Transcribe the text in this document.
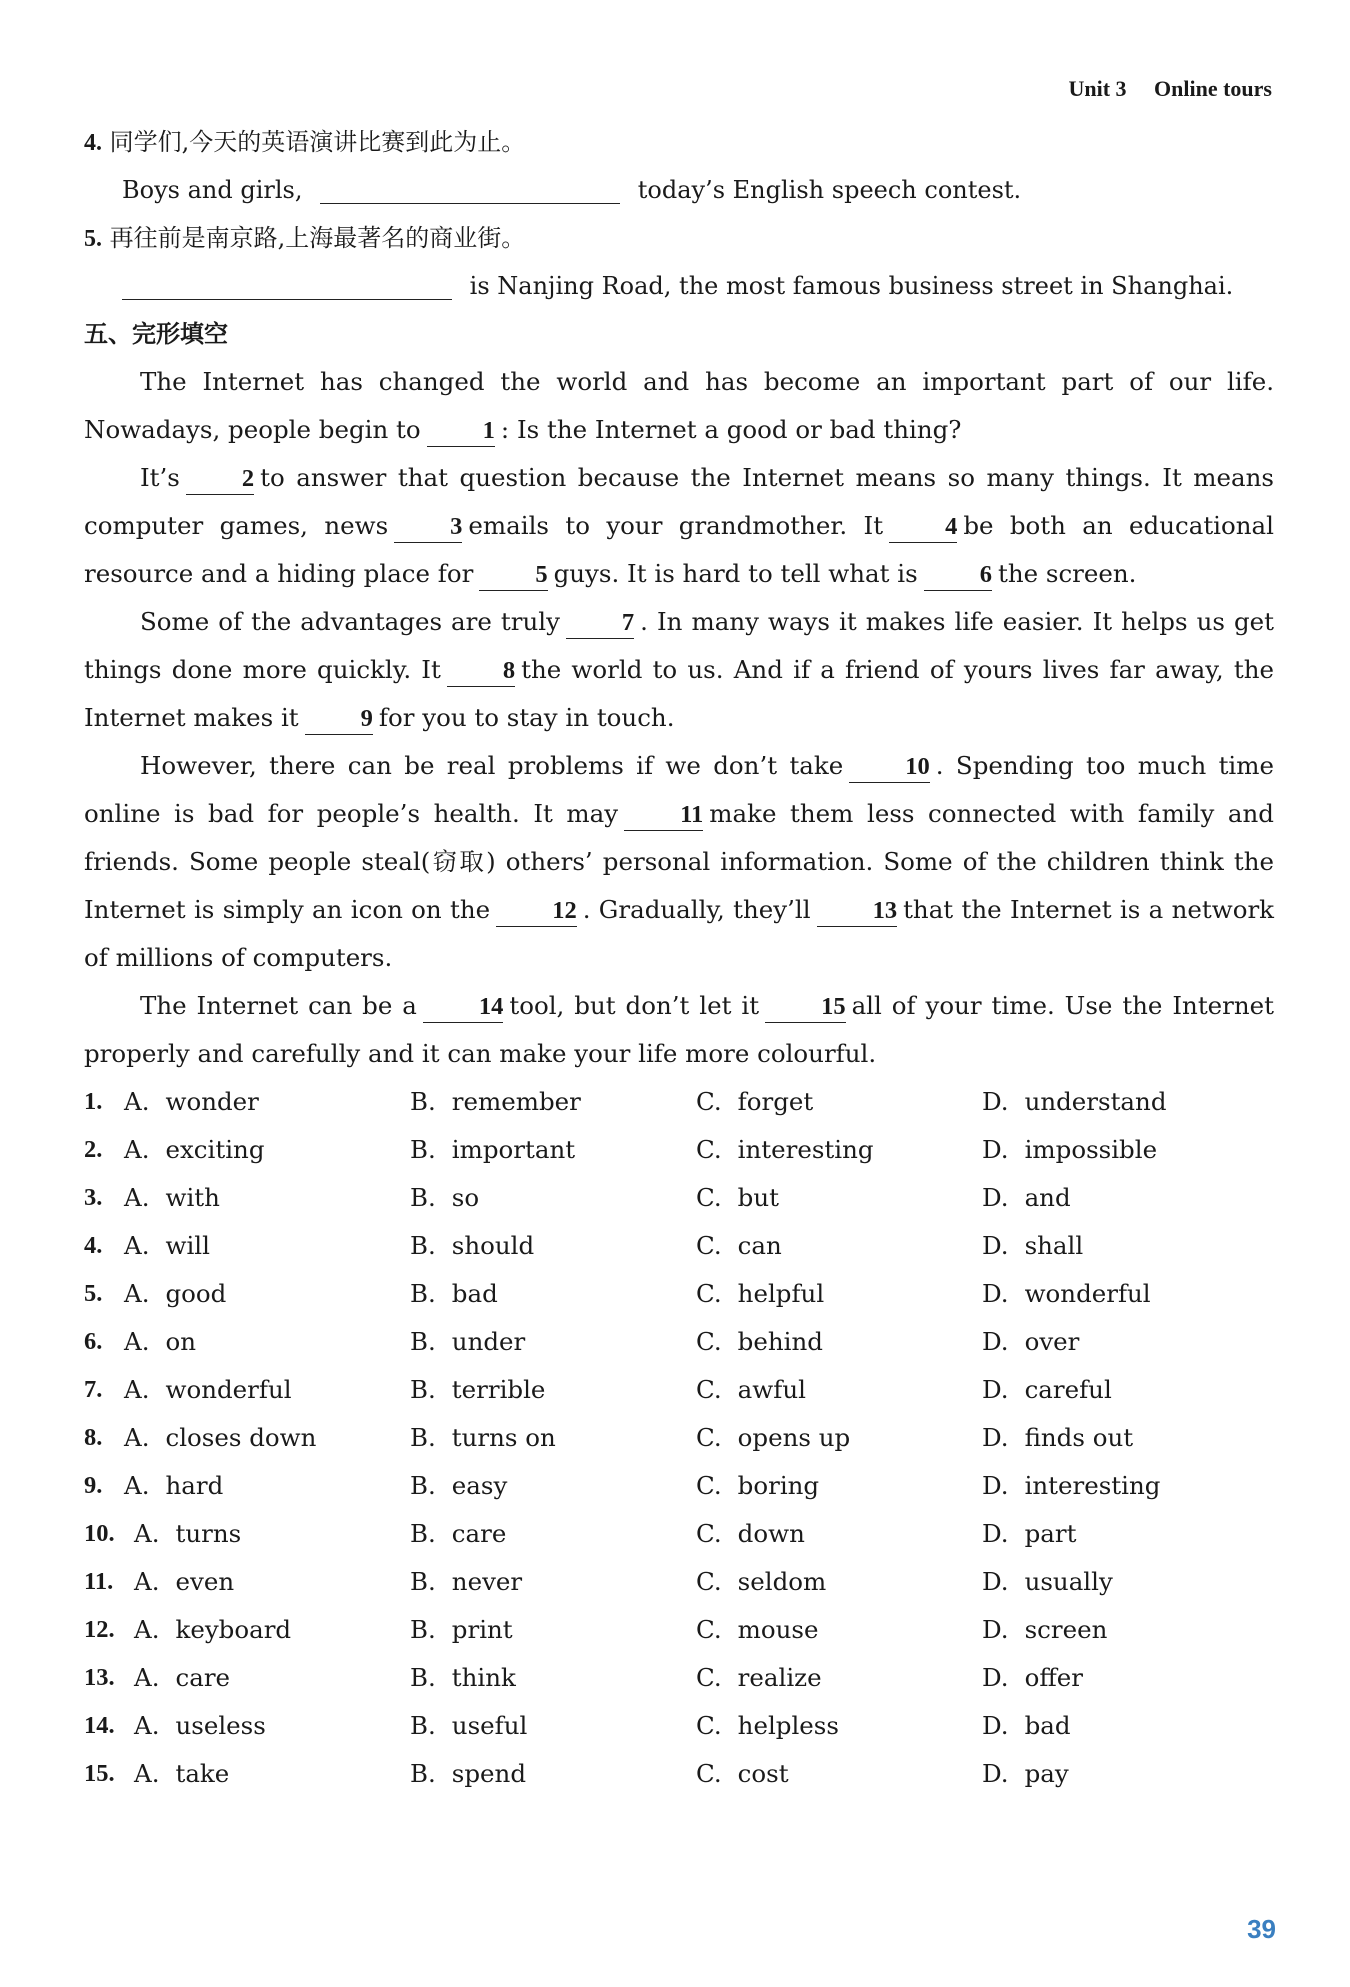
Unit 3 Online tours
4. 同学们,今天的英语演讲比赛到此为止。
Boys and girls,	today’s English speech contest.
5. 再往前是南京路,上海最著名的商业街。
is Nanjing Road, the most famous business street in Shanghai.
五、完形填空

The Internet has changed the world and has become an important part of our life. Nowadays, people begin to	1 : Is the Internet a good or bad thing?

It’s	2 to answer that question because the Internet means so many things. It means computer games, news	3 emails to your grandmother. It	4 be both an educational resource and a hiding place for	5 guys. It is hard to tell what is	6 the screen.

Some of the advantages are truly	7 . In many ways it makes life easier. It helps us get things done more quickly. It	8 the world to us. And if a friend of yours lives far away, the Internet makes it	9 for you to stay in touch.

However, there can be real problems if we don’t take	10 . Spending too much time online is bad for people’s health. It may	11 make them less connected with family and friends. Some people steal(窃取) others’ personal information. Some of the children think the Internet is simply an icon on the	12 . Gradually, they’ll	13 that the Internet is a network of millions of computers.

The Internet can be a	14 tool, but don’t let it	15 all of your time. Use the Internet properly and carefully and it can make your life more colourful.

1. A. wonder	B. remember	C. forget	D. understand
2. A. exciting	B. important	C. interesting	D. impossible
3. A. with	B. so	C. but	D. and
4. A. will	B. should	C. can	D. shall
5. A. good	B. bad	C. helpful	D. wonderful
6. A. on	B. under	C. behind	D. over
7. A. wonderful	B. terrible	C. awful	D. careful
8. A. closes down	B. turns on	C. opens up	D. finds out
9. A. hard	B. easy	C. boring	D. interesting
10. A. turns	B. care	C. down	D. part
11. A. even	B. never	C. seldom	D. usually
12. A. keyboard	B. print	C. mouse	D. screen
13. A. care	B. think	C. realize	D. offer
14. A. useless	B. useful	C. helpless	D. bad
15. A. take	B. spend	C. cost	D. pay
39
